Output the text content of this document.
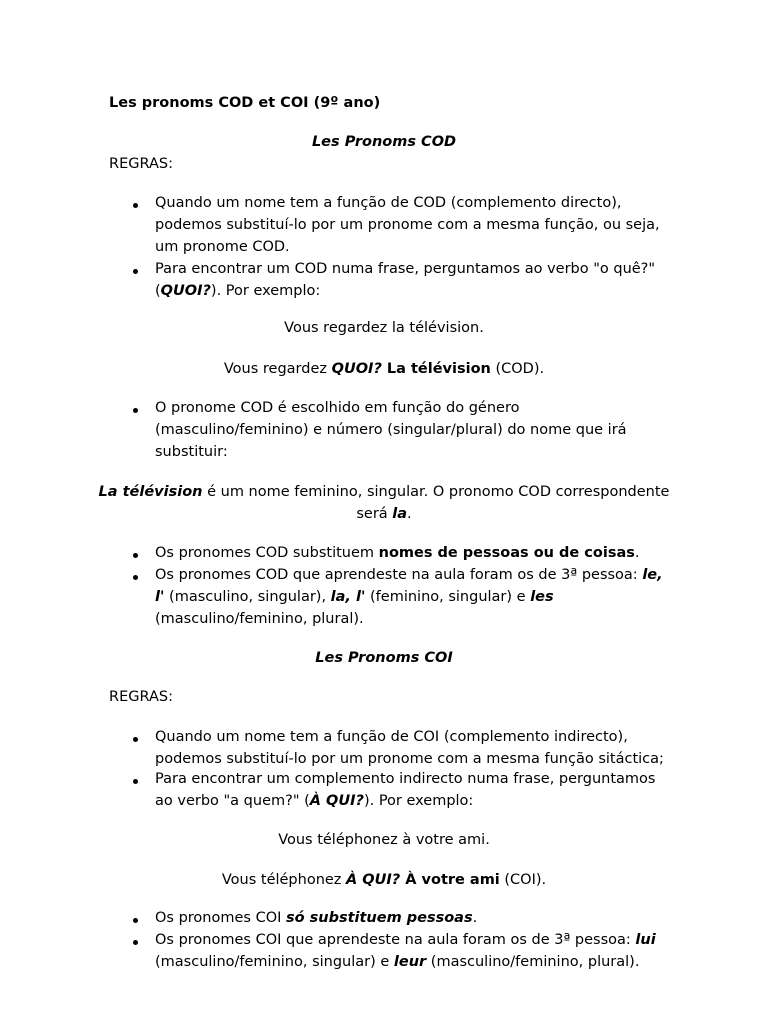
Les pronoms COD et COI (9º ano)
Les Pronoms COD
REGRAS:
Quando um nome tem a função de COD (complemento directo),
podemos substituí-lo por um pronome com a mesma função, ou seja,
um pronome COD.
Para encontrar um COD numa frase, perguntamos ao verbo "o quê?"
(QUOI?). Por exemplo:
Vous regardez la télévision.
Vous regardez QUOI? La télévision (COD).
O pronome COD é escolhido em função do género
(masculino/feminino) e número (singular/plural) do nome que irá
substituir:
La télévision é um nome feminino, singular. O pronomo COD correspondente
será la.
Os pronomes COD substituem nomes de pessoas ou de coisas.
Os pronomes COD que aprendeste na aula foram os de 3ª pessoa: le,
l' (masculino, singular), la, l' (feminino, singular) e les
(masculino/feminino, plural).
Les Pronoms COI
REGRAS:
Quando um nome tem a função de COI (complemento indirecto),
podemos substituí-lo por um pronome com a mesma função sitáctica;
Para encontrar um complemento indirecto numa frase, perguntamos
ao verbo "a quem?" (À QUI?). Por exemplo:
Vous téléphonez à votre ami.
Vous téléphonez À QUI? À votre ami (COI).
Os pronomes COI só substituem pessoas.
Os pronomes COI que aprendeste na aula foram os de 3ª pessoa: lui
(masculino/feminino, singular) e leur (masculino/feminino, plural).
